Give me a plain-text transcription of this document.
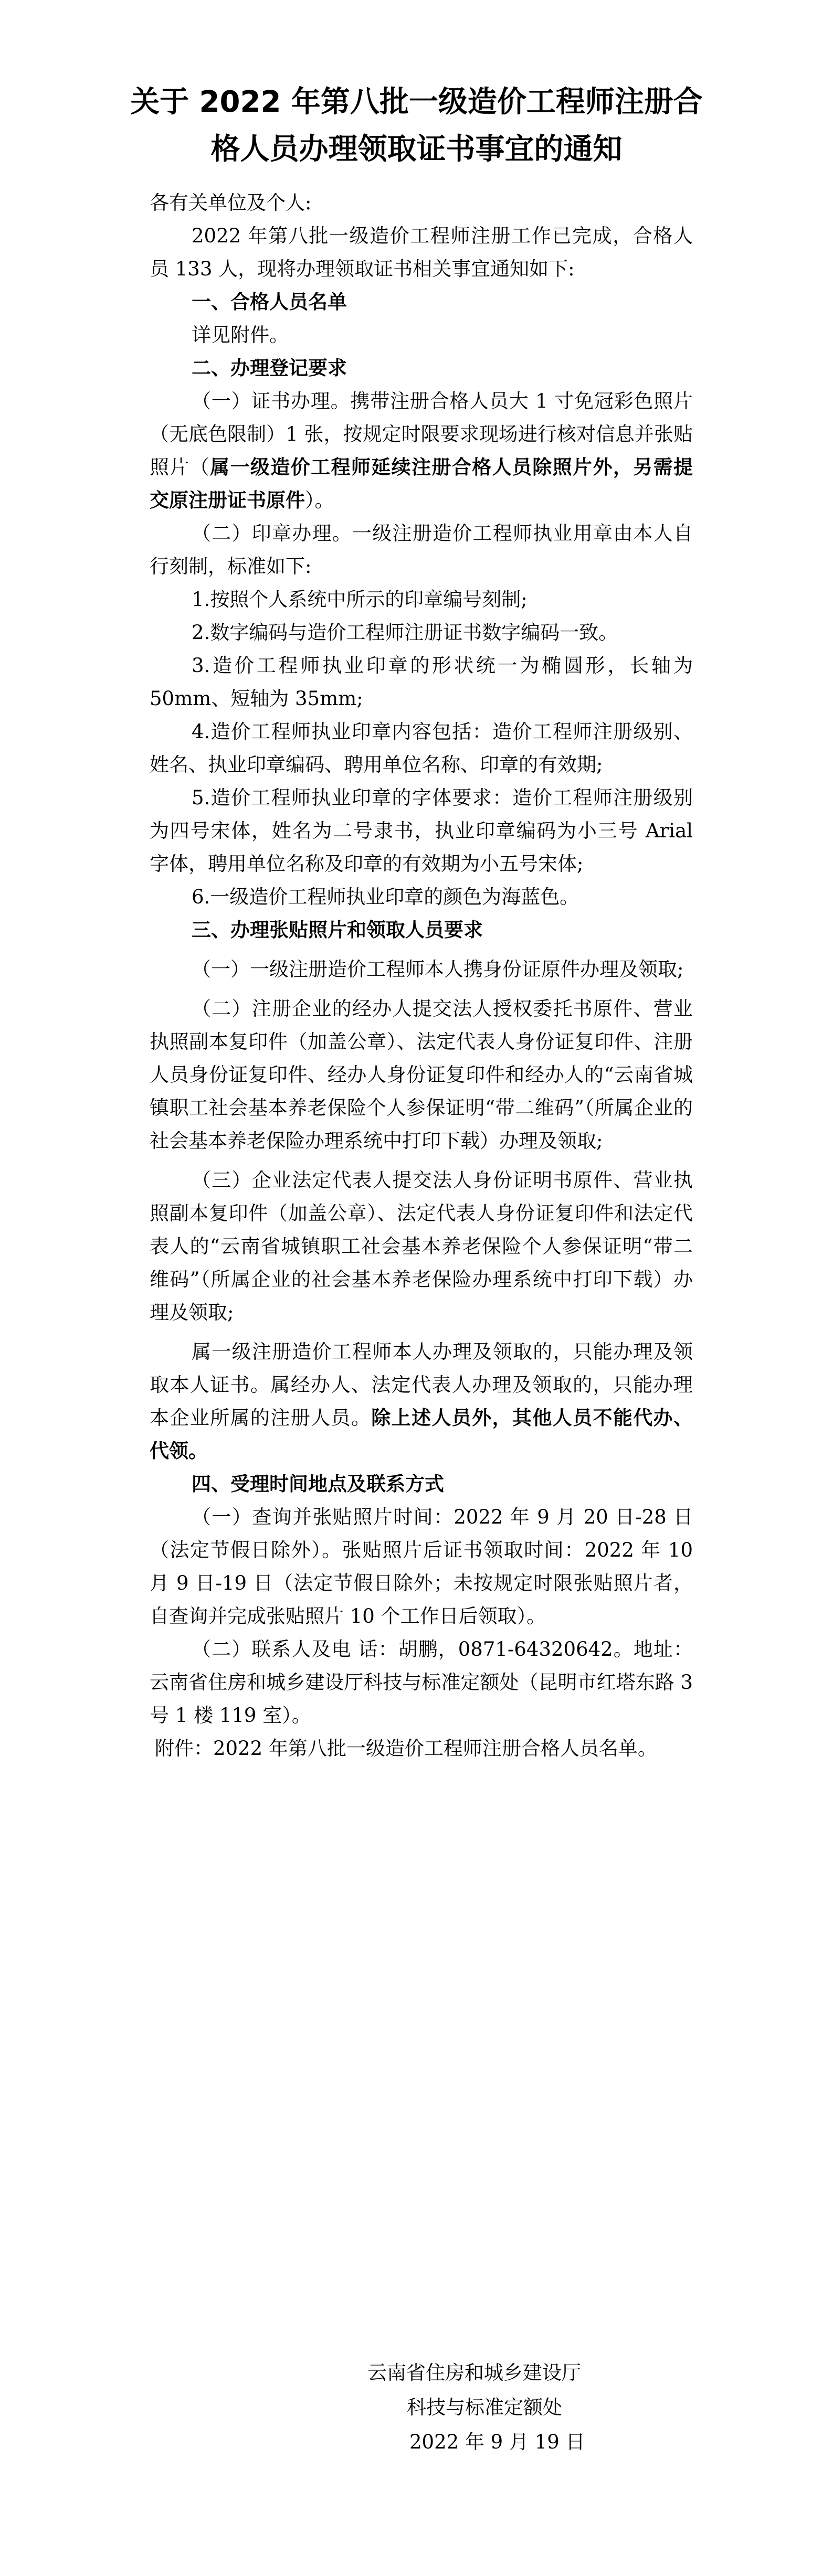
关于 2022 年第八批一级造价工程师注册合
格人员办理领取证书事宜的通知

各有关单位及个人:

2022 年第八批一级造价工程师注册工作已完成，合格人员 133 人，现将办理领取证书相关事宜通知如下:

一、合格人员名单

详见附件。

二、办理登记要求

（一）证书办理。携带注册合格人员大 1 寸免冠彩色照片（无底色限制）1 张，按规定时限要求现场进行核对信息并张贴照片（属一级造价工程师延续注册合格人员除照片外，另需提交原注册证书原件）。

（二）印章办理。一级注册造价工程师执业用章由本人自行刻制，标准如下:

1.按照个人系统中所示的印章编号刻制;

2.数字编码与造价工程师注册证书数字编码一致。

3.造价工程师执业印章的形状统一为椭圆形，长轴为 50mm、短轴为 35mm;

4.造价工程师执业印章内容包括：造价工程师注册级别、姓名、执业印章编码、聘用单位名称、印章的有效期;

5.造价工程师执业印章的字体要求：造价工程师注册级别为四号宋体，姓名为二号隶书，执业印章编码为小三号 Arial 字体，聘用单位名称及印章的有效期为小五号宋体;

6.一级造价工程师执业印章的颜色为海蓝色。

三、办理张贴照片和领取人员要求

（一）一级注册造价工程师本人携身份证原件办理及领取;

（二）注册企业的经办人提交法人授权委托书原件、营业执照副本复印件（加盖公章）、法定代表人身份证复印件、注册人员身份证复印件、经办人身份证复印件和经办人的“云南省城镇职工社会基本养老保险个人参保证明“带二维码”（所属企业的社会基本养老保险办理系统中打印下载）办理及领取;

（三）企业法定代表人提交法人身份证明书原件、营业执照副本复印件（加盖公章）、法定代表人身份证复印件和法定代表人的“云南省城镇职工社会基本养老保险个人参保证明“带二维码”（所属企业的社会基本养老保险办理系统中打印下载）办理及领取;

属一级注册造价工程师本人办理及领取的，只能办理及领取本人证书。属经办人、法定代表人办理及领取的，只能办理本企业所属的注册人员。除上述人员外，其他人员不能代办、代领。

四、受理时间地点及联系方式

（一）查询并张贴照片时间：2022 年 9 月 20 日-28 日（法定节假日除外）。张贴照片后证书领取时间：2022 年 10 月 9 日-19 日（法定节假日除外；未按规定时限张贴照片者，自查询并完成张贴照片 10 个工作日后领取）。

（二）联系人及电 话：胡鹏，0871-64320642。地址：云南省住房和城乡建设厅科技与标准定额处（昆明市红塔东路 3 号 1 楼 119 室）。

附件：2022 年第八批一级造价工程师注册合格人员名单。

云南省住房和城乡建设厅

科技与标准定额处

2022 年 9 月 19 日
